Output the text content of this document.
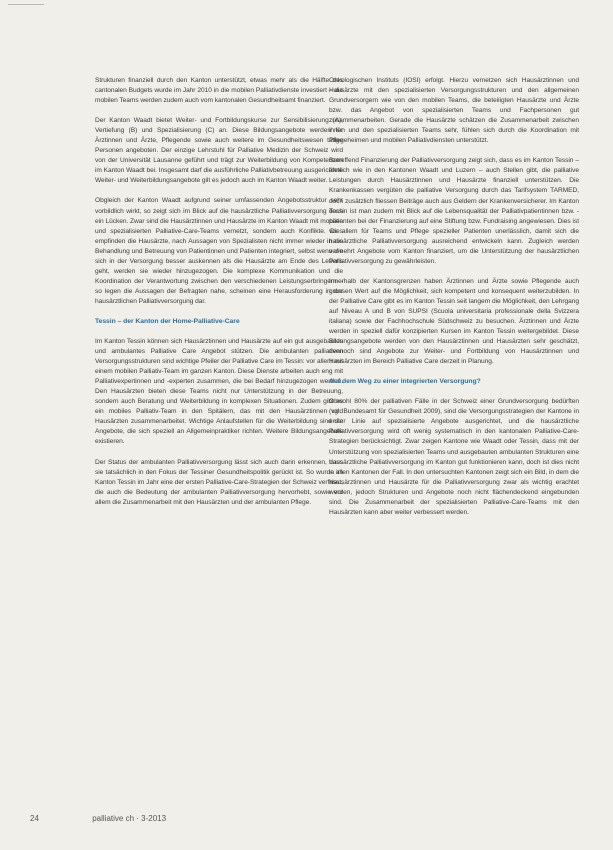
Strukturen finanziell durch den Kanton unterstützt, etwas mehr als die Hälfte des cantonalen Budgets wurde im Jahr 2010 in die mobilen Palliativdienste investiert – die mobilen Teams werden zudem auch vom kantonalen Gesundheitsamt finanziert.

Der Kanton Waadt bietet Weiter- und Fortbildungskurse zur Sensibilisierung (A), Vertiefung (B) und Spezialisierung (C) an. Diese Bildungsangebote werden für Ärztinnen und Ärzte, Pflegende sowie auch weitere im Gesundheitswesen tätige Personen angeboten. Der einzige Lehrstuhl für Palliative Medizin der Schweiz wird von der Universität Lausanne geführt und trägt zur Weiterbildung von Kompetenzen im Kanton Waadt bei. Insgesamt darf die ausführliche Palliativbetreuung ausgerichtete Weiter- und Weiterbildungsangebote gilt es jedoch auch im Kanton Waadt weiter.

Obgleich der Kanton Waadt aufgrund seiner umfassenden Angebotsstruktur sehr vorbildlich wirkt, so zeigt sich im Blick auf die hausärztliche Palliativversorgung doch ein Lücken. Zwar sind die Hausärztinnen und Hausärzte im Kanton Waadt mit mobilen und spezialisierten Palliative-Care-Teams vernetzt, sondern auch Konflikte. Dies empfinden die Hausärzte, nach Aussagen von Spezialisten nicht immer wieder in die Behandlung und Betreuung von Patientinnen und Patienten integriert, selbst wenn die sich in der Versorgung besser auskennen als die Hausärzte am Ende des Lebens geht, werden sie wieder hinzugezogen. Die komplexe Kommunikation und die Koordination der Verantwortung zwischen den verschiedenen Leistungserbringern – so legen die Aussagen der Befragten nahe, scheinen eine Herausforderung in der hausärztlichen Palliativversorgung dar.

Tessin – der Kanton der Home-Palliative-Care

Im Kanton Tessin können sich Hausärztinnen und Hausärzte auf ein gut ausgebautes und ambulantes Palliative Care Angebot stützen. Die ambulanten palliativen Versorgungsstrukturen sind wichtige Pfeiler der Palliative Care im Tessin: vor allem mit einem mobilen Palliativ-Team im ganzen Kanton. Diese Dienste arbeiten auch eng mit Palliativexpertinnen und -experten zusammen, die bei Bedarf hinzugezogen werden. Den Hausärzten bieten diese Teams nicht nur Unterstützung in der Betreuung, sondern auch Beratung und Weiterbildung in komplexen Situationen. Zudem gibt es ein mobiles Palliativ-Team in den Spitälern, das mit den Hausärztinnen und Hausärzten zusammenarbeitet. Wichtige Anlaufstellen für die Weiterbildung sind die Angebote, die sich speziell an Allgemeinpraktiker richten. Weitere Bildungsangebote existieren.

Der Status der ambulanten Palliativversorgung lässt sich auch darin erkennen, dass sie tatsächlich in den Fokus der Tessiner Gesundheitspolitik gerückt ist. So wurde im Kanton Tessin im Jahr eine der ersten Palliative-Care-Strategien der Schweiz verfasst, die auch die Bedeutung der ambulanten Palliativversorgung hervorhebt, sowie vor allem die Zusammenarbeit mit den Hausärzten und der ambulanten Pflege.

Onkologischen Instituts (IOSI) erfolgt. Hierzu vernetzen sich Hausärztinnen und Hausärzte mit den spezialisierten Versorgungsstrukturen und den allgemeinen Grundversorgern wie von den mobilen Teams, die beteiligten Hausärzte und Ärzte bzw. das Angebot von spezialisierten Teams und Fachpersonen gut zusammenarbeiten. Gerade die Hausärzte schätzen die Zusammenarbeit zwischen ihnen und den spezialisierten Teams sehr, fühlen sich durch die Koordination mit Pflegeheimen und mobilen Palliativdiensten unterstützt.

Betreffend Finanzierung der Palliativversorgung zeigt sich, dass es im Kanton Tessin – ähnlich wie in den Kantonen Waadt und Luzern – auch Stellen gibt, die palliative Leistungen durch Hausärztinnen und Hausärzte finanziell unterstützen. Die Krankenkassen vergüten die palliative Versorgung durch das Tarifsystem TARMED, doch zusätzlich fliessen Beiträge auch aus Geldern der Krankenversicherer. Im Kanton Tessin ist man zudem mit Blick auf die Lebensqualität der Palliativpatientinnen bzw. -patienten bei der Finanzierung auf eine Stiftung bzw. Fundraising angewiesen. Dies ist vor allem für Teams und Pflege spezieller Patienten unerlässlich, damit sich die hausärztliche Palliativversorgung ausreichend entwickeln kann. Zugleich werden vermehrt Angebote vom Kanton finanziert, um die Unterstützung der hausärztlichen Palliativversorgung zu gewährleisten.

Innerhalb der Kantonsgrenzen haben Ärztinnen und Ärzte sowie Pflegende auch grossen Wert auf die Möglichkeit, sich kompetent und konsequent weiterzubilden. In der Palliative Care gibt es im Kanton Tessin seit langem die Möglichkeit, den Lehrgang auf Niveau A und B von SUPSI (Scuola universitaria professionale della Svizzera italiana) sowie der Fachhochschule Südschweiz zu besuchen. Ärztinnen und Ärzte werden in speziell dafür konzipierten Kursen im Kanton Tessin weitergebildet. Diese Bildungsangebote werden von den Hausärztinnen und Hausärzten sehr geschätzt, dennoch sind Angebote zur Weiter- und Fortbildung von Hausärztinnen und Hausärzten im Bereich Palliative Care derzeit in Planung.

Auf dem Weg zu einer integrierten Versorgung?

Obwohl 80% der palliativen Fälle in der Schweiz einer Grundversorgung bedürften (vgl. Bundesamt für Gesundheit 2009), sind die Versorgungsstrategien der Kantone in erster Linie auf spezialisierte Angebote ausgerichtet, und die hausärztliche Palliativversorgung wird oft wenig systematisch in den kantonalen Palliative-Care-Strategien berücksichtigt. Zwar zeigen Kantone wie Waadt oder Tessin, dass mit der Unterstützung von spezialisierten Teams und ausgebauten ambulanten Strukturen eine hausärztliche Palliativversorgung im Kanton gut funktionieren kann, doch ist dies nicht in allen Kantonen der Fall. In den untersuchten Kantonen zeigt sich ein Bild, in dem die Hausärztinnen und Hausärzte für die Palliativversorgung zwar als wichtig erachtet werden, jedoch Strukturen und Angebote noch nicht flächendeckend eingebunden sind. Die Zusammenarbeit der spezialisierten Palliative-Care-Teams mit den Hausärzten kann aber weiter verbessert werden.

24	palliative ch · 3-2013
